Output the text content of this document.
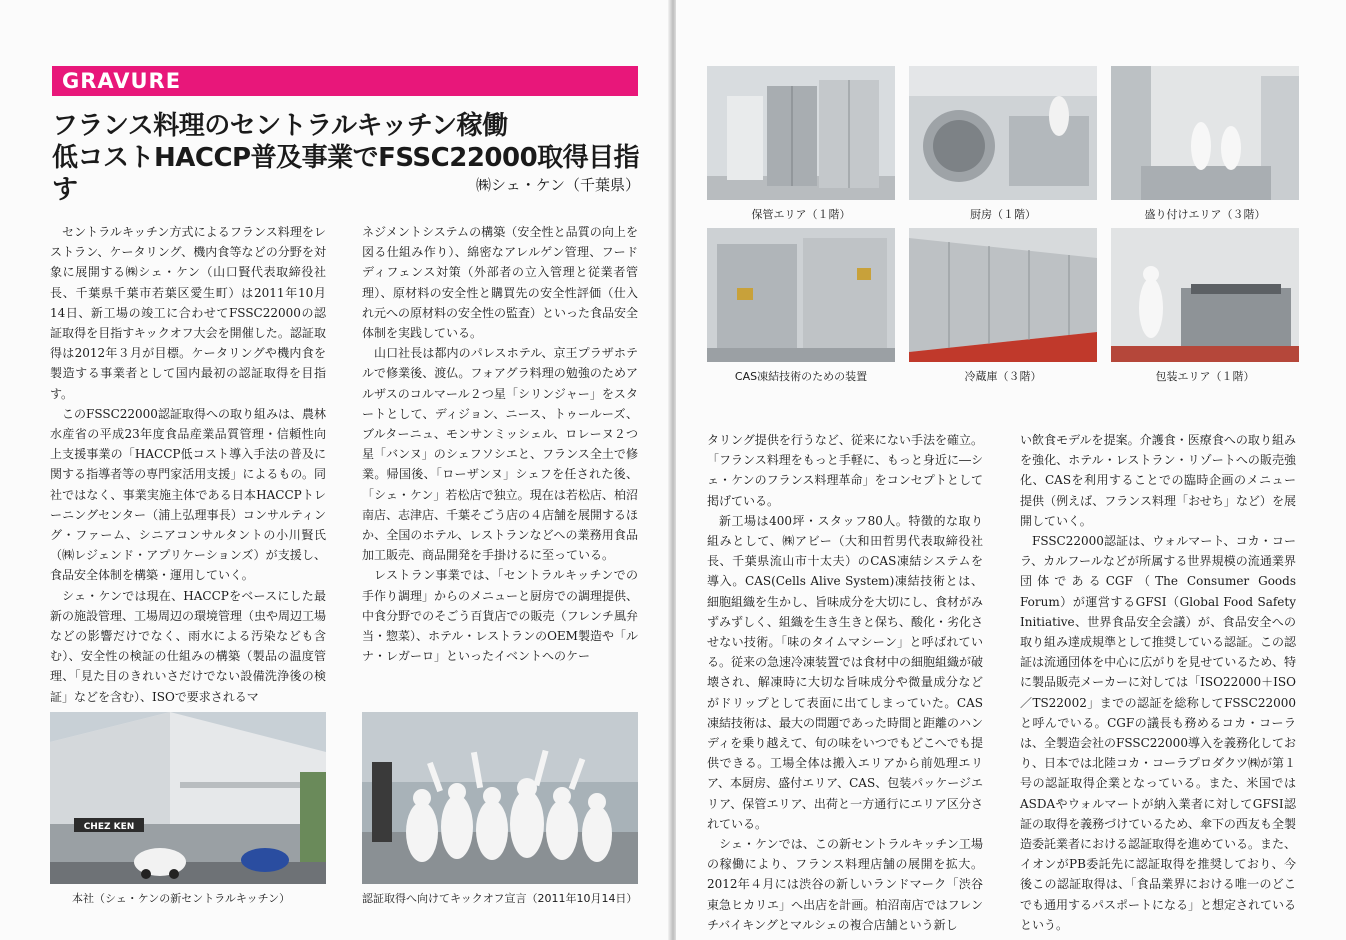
GRAVURE
フランス料理のセントラルキッチン稼働
低コストHACCP普及事業でFSSC22000取得目指す	㈱シェ・ケン（千葉県）

セントラルキッチン方式によるフランス料理をレストラン、ケータリング、機内食等などの分野を対象に展開する㈱シェ・ケン（山口賢代表取締役社長、千葉県千葉市若葉区愛生町）は2011年10月14日、新工場の竣工に合わせてFSSC22000の認証取得を目指すキックオフ大会を開催した。認証取得は2012年３月が目標。ケータリングや機内食を製造する事業者として国内最初の認証取得を目指す。

このFSSC22000認証取得への取り組みは、農林水産省の平成23年度食品産業品質管理・信頼性向上支援事業の「HACCP低コスト導入手法の普及に関する指導者等の専門家活用支援」によるもの。同社ではなく、事業実施主体である日本HACCPトレーニングセンター（浦上弘理事長）コンサルティング・ファーム、シニアコンサルタントの小川賢氏（㈱レジェンド・アプリケーションズ）が支援し、食品安全体制を構築・運用していく。

シェ・ケンでは現在、HACCPをベースにした最新の施設管理、工場周辺の環境管理（虫や周辺工場などの影響だけでなく、雨水による汚染なども含む）、安全性の検証の仕組みの構築（製品の温度管理、「見た目のきれいさだけでない設備洗浄後の検証」などを含む）、ISOで要求されるマ

ネジメントシステムの構築（安全性と品質の向上を図る仕組み作り）、綿密なアレルゲン管理、フードディフェンス対策（外部者の立入管理と従業者管理）、原材料の安全性と購買先の安全性評価（仕入れ元への原材料の安全性の監査）といった食品安全体制を実践している。

山口社長は都内のパレスホテル、京王プラザホテルで修業後、渡仏。フォアグラ料理の勉強のためアルザスのコルマール２つ星「シリンジャー」をスタートとして、ディジョン、ニース、トゥールーズ、ブルターニュ、モンサンミッシェル、ロレーヌ２つ星「バンヌ」のシェフソシエと、フランス全土で修業。帰国後、「ローザンヌ」シェフを任された後、「シェ・ケン」若松店で独立。現在は若松店、柏沼南店、志津店、千葉そごう店の４店舗を展開するほか、全国のホテル、レストランなどへの業務用食品加工販売、商品開発を手掛けるに至っている。

レストラン事業では、「セントラルキッチンでの手作り調理」からのメニューと厨房での調理提供、中食分野でのそごう百貨店での販売（フレンチ風弁当・惣菜）、ホテル・レストランのOEM製造や「ルナ・レガーロ」といったイベントへのケー

CHEZ KEN
本社（シェ・ケンの新セントラルキッチン）	認証取得へ向けてキックオフ宣言（2011年10月14日）
保管エリア（１階）	厨房（１階）	盛り付けエリア（３階）
CAS凍結技術のための装置	冷蔵庫（３階）	包装エリア（１階）

タリング提供を行うなど、従来にない手法を確立。「フランス料理をもっと手軽に、もっと身近に―シェ・ケンのフランス料理革命」をコンセプトとして掲げている。

新工場は400坪・スタッフ80人。特徴的な取り組みとして、㈱アビー（大和田哲男代表取締役社長、千葉県流山市十太夫）のCAS凍結システムを導入。CAS(Cells Alive System)凍結技術とは、細胞組織を生かし、旨味成分を大切にし、食材がみずみずしく、組織を生き生きと保ち、酸化・劣化させない技術。「味のタイムマシーン」と呼ばれている。従来の急速冷凍装置では食材中の細胞組織が破壊され、解凍時に大切な旨味成分や微量成分などがドリップとして表面に出てしまっていた。CAS凍結技術は、最大の問題であった時間と距離のハンディを乗り越えて、旬の味をいつでもどこへでも提供できる。工場全体は搬入エリアから前処理エリア、本厨房、盛付エリア、CAS、包装パッケージエリア、保管エリア、出荷と一方通行にエリア区分されている。

シェ・ケンでは、この新セントラルキッチン工場の稼働により、フランス料理店舗の展開を拡大。2012年４月には渋谷の新しいランドマーク「渋谷東急ヒカリエ」へ出店を計画。柏沼南店ではフレンチバイキングとマルシェの複合店舗という新し

い飲食モデルを提案。介護食・医療食への取り組みを強化、ホテル・レストラン・リゾートへの販売強化、CASを利用することでの臨時企画のメニュー提供（例えば、フランス料理「おせち」など）を展開していく。

FSSC22000認証は、ウォルマート、コカ・コーラ、カルフールなどが所属する世界規模の流通業界団体であるCGF（The Consumer Goods Forum）が運営するGFSI（Global Food Safety Initiative、世界食品安全会議）が、食品安全への取り組み達成規準として推奨している認証。この認証は流通団体を中心に広がりを見せているため、特に製品販売メーカーに対しては「ISO22000＋ISO／TS22002」までの認証を総称してFSSC22000と呼んでいる。CGFの議長も務めるコカ・コーラは、全製造会社のFSSC22000導入を義務化しており、日本では北陸コカ・コーラプロダクツ㈱が第１号の認証取得企業となっている。また、米国ではASDAやウォルマートが納入業者に対してGFSI認証の取得を義務づけているため、傘下の西友も全製造委託業者における認証取得を進めている。また、イオンがPB委託先に認証取得を推奨しており、今後この認証取得は、「食品業界における唯一のどこでも通用するパスポートになる」と想定されているという。
